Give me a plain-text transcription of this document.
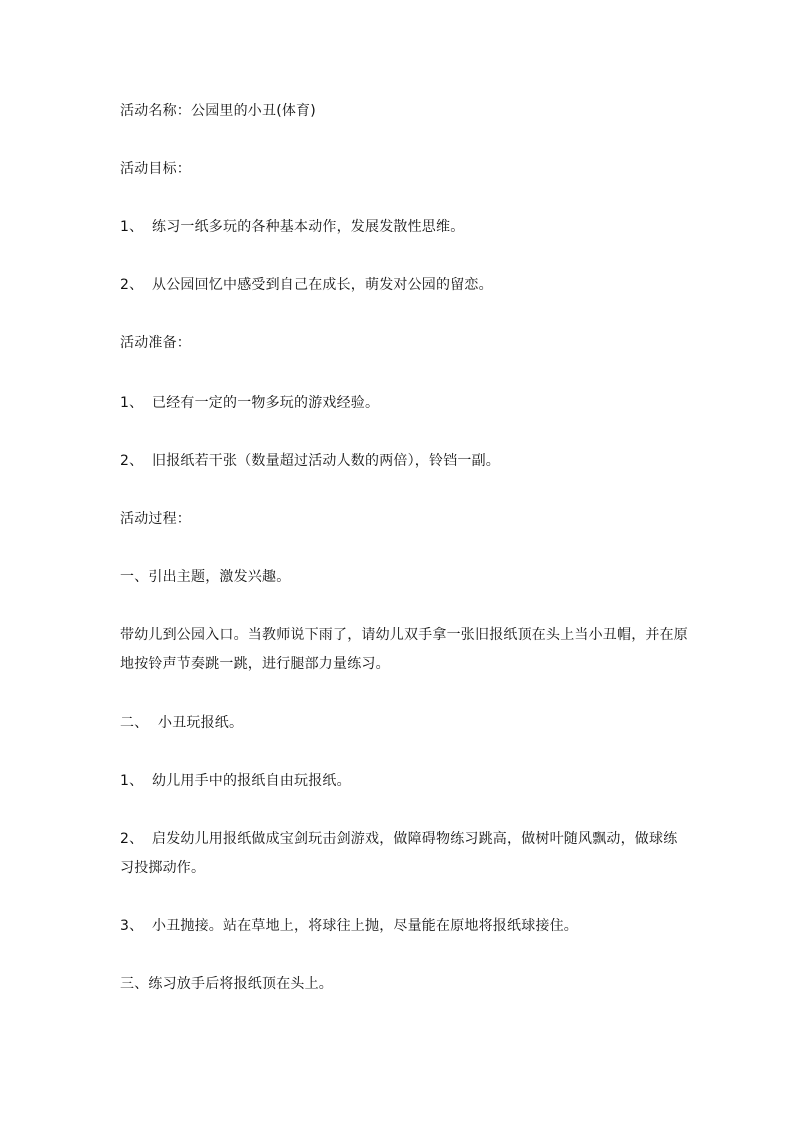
活动名称：公园里的小丑(体育)
活动目标：
1、 练习一纸多玩的各种基本动作，发展发散性思维。
2、 从公园回忆中感受到自己在成长，萌发对公园的留恋。
活动准备：
1、 已经有一定的一物多玩的游戏经验。
2、 旧报纸若干张（数量超过活动人数的两倍），铃铛一副。
活动过程：
一、引出主题，激发兴趣。
带幼儿到公园入口。当教师说下雨了，请幼儿双手拿一张旧报纸顶在头上当小丑帽，并在原
地按铃声节奏跳一跳，进行腿部力量练习。
二、 小丑玩报纸。
1、 幼儿用手中的报纸自由玩报纸。
2、 启发幼儿用报纸做成宝剑玩击剑游戏，做障碍物练习跳高，做树叶随风飘动，做球练
习投掷动作。
3、 小丑抛接。站在草地上，将球往上抛，尽量能在原地将报纸球接住。
三、练习放手后将报纸顶在头上。
